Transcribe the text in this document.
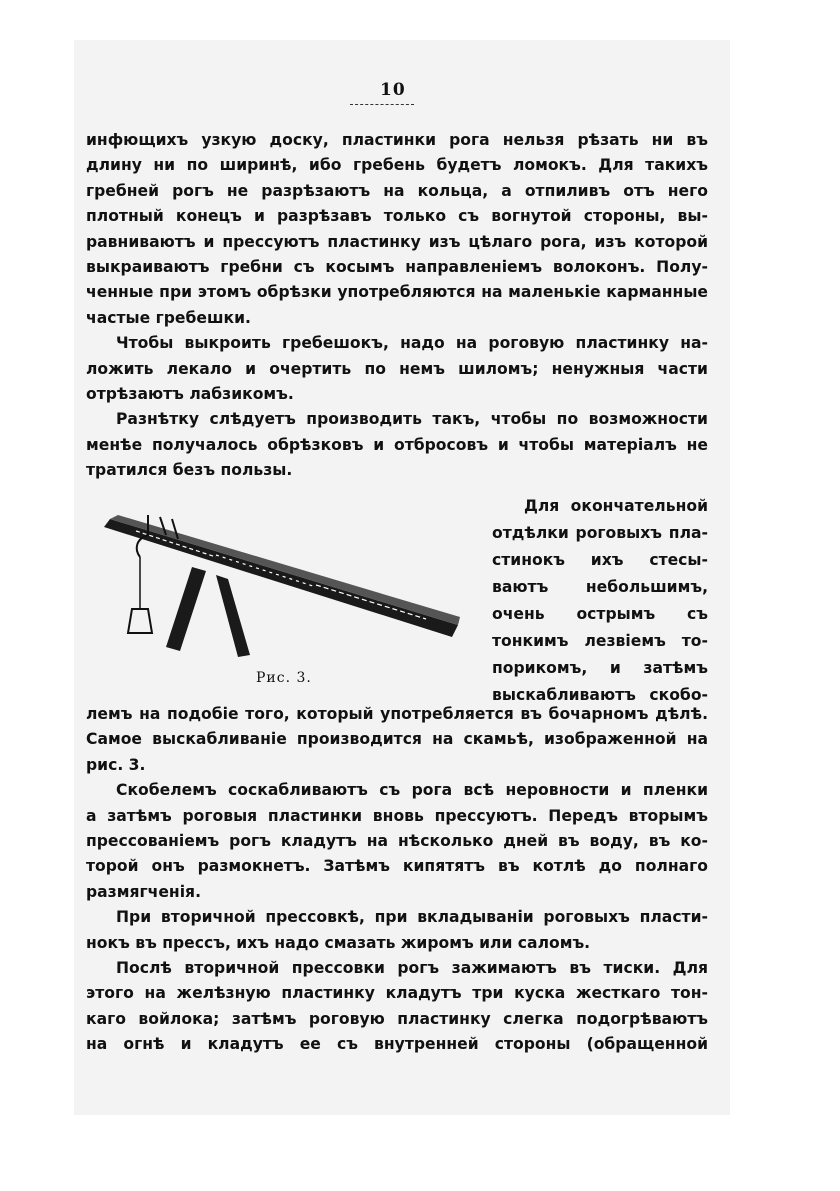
10
инфющихъ узкую доску, пластинки рога нельзя рѣзать ни въ
длину ни по ширинѣ, ибо гребень будетъ ломокъ. Для такихъ
гребней рогъ не разрѣзаютъ на кольца, а отпиливъ отъ него
плотный конецъ и разрѣзавъ только съ вогнутой стороны, вы-
равниваютъ и прессуютъ пластинку изъ цѣлаго рога, изъ которой
выкраиваютъ гребни съ косымъ направленіемъ волоконъ. Полу-
ченные при этомъ обрѣзки употребляются на маленькіе карманные
частые гребешки.
Чтобы выкроить гребешокъ, надо на роговую пластинку на-
ложить лекало и очертить по немъ шиломъ; ненужныя части
отрѣзаютъ лабзикомъ.
Разнѣтку слѣдуетъ производить такъ, чтобы по возможности
менѣе получалось обрѣзковъ и отбросовъ и чтобы матеріалъ не
тратился безъ пользы.
Рис. 3.
Для окончательной
отдѣлки роговыхъ пла-
стинокъ ихъ стесы-
ваютъ небольшимъ,
очень острымъ съ
тонкимъ лезвіемъ то-
порикомъ, и затѣмъ
выскабливаютъ скобо-
лемъ на подобіе того, который употребляется въ бочарномъ дѣлѣ.
Самое выскабливаніе производится на скамьѣ, изображенной на
рис. 3.
Скобелемъ соскабливаютъ съ рога всѣ неровности и пленки
а затѣмъ роговыя пластинки вновь прессуютъ. Передъ вторымъ
прессованіемъ рогъ кладутъ на нѣсколько дней въ воду, въ ко-
торой онъ размокнетъ. Затѣмъ кипятятъ въ котлѣ до полнаго
размягченія.
При вторичной прессовкѣ, при вкладываніи роговыхъ пласти-
нокъ въ прессъ, ихъ надо смазать жиромъ или саломъ.
Послѣ вторичной прессовки рогъ зажимаютъ въ тиски. Для
этого на желѣзную пластинку кладутъ три куска жесткаго тон-
каго войлока; затѣмъ роговую пластинку слегка подогрѣваютъ
на огнѣ и кладутъ ее съ внутренней стороны (обращенной
